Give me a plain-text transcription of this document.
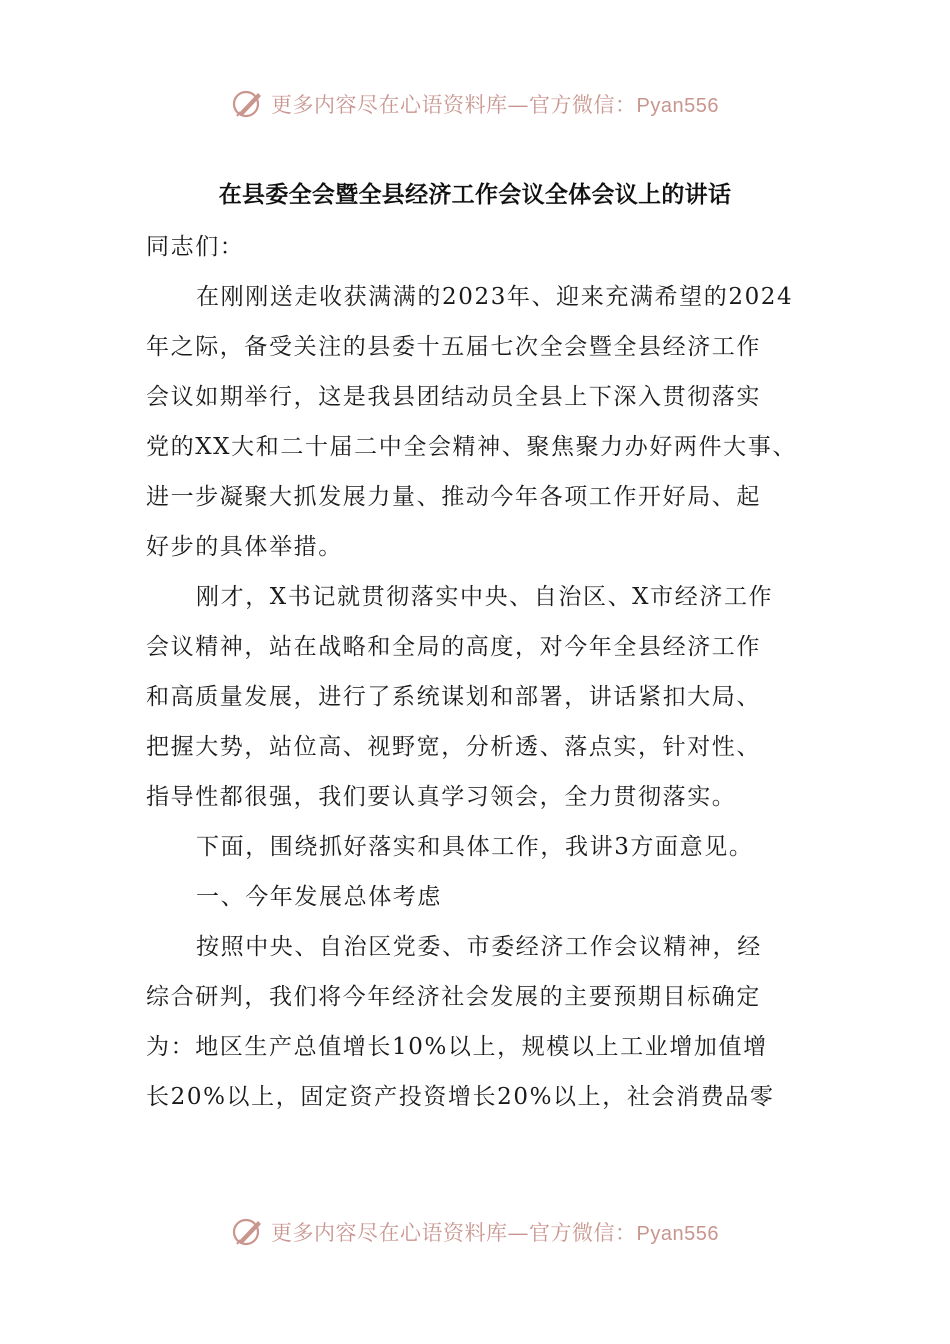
更多内容尽在心语资料库—官方微信：Pyan556
在县委全会暨全县经济工作会议全体会议上的讲话
同志们：
在刚刚送走收获满满的2023年、迎来充满希望的2024
年之际，备受关注的县委十五届七次全会暨全县经济工作
会议如期举行，这是我县团结动员全县上下深入贯彻落实
党的XX大和二十届二中全会精神、聚焦聚力办好两件大事、
进一步凝聚大抓发展力量、推动今年各项工作开好局、起
好步的具体举措。
刚才，X书记就贯彻落实中央、自治区、X市经济工作
会议精神，站在战略和全局的高度，对今年全县经济工作
和高质量发展，进行了系统谋划和部署，讲话紧扣大局、
把握大势，站位高、视野宽，分析透、落点实，针对性、
指导性都很强，我们要认真学习领会，全力贯彻落实。
下面，围绕抓好落实和具体工作，我讲3方面意见。
一、今年发展总体考虑
按照中央、自治区党委、市委经济工作会议精神，经
综合研判，我们将今年经济社会发展的主要预期目标确定
为：地区生产总值增长10%以上，规模以上工业增加值增
长20%以上，固定资产投资增长20%以上，社会消费品零
更多内容尽在心语资料库—官方微信：Pyan556
